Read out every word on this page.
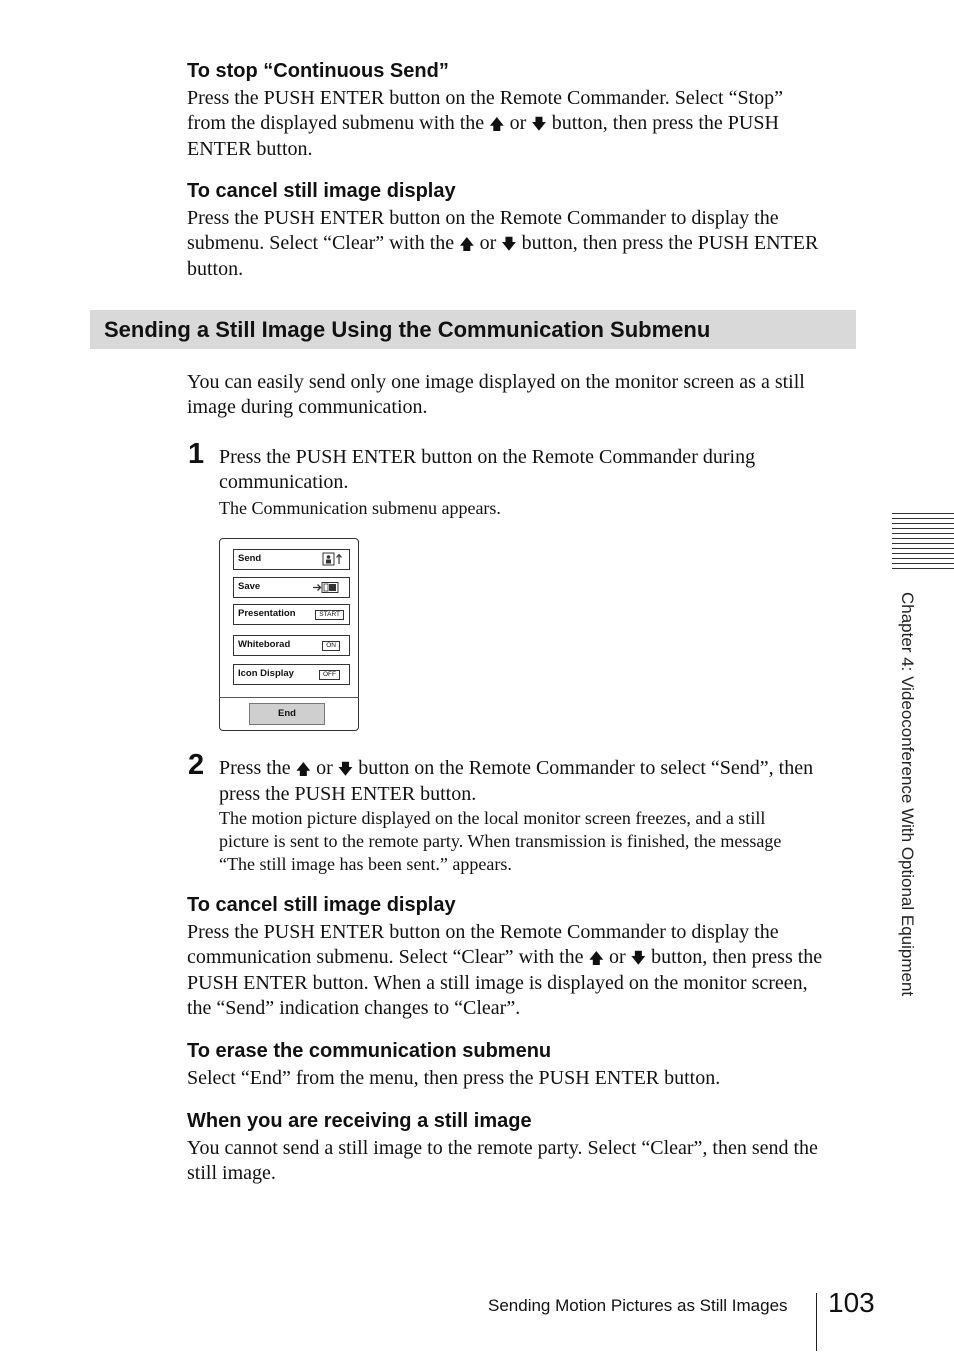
To stop “Continuous Send”
Press the PUSH ENTER button on the Remote Commander. Select “Stop”
from the displayed submenu with the 🡅 or 🡇 button, then press the PUSH
ENTER button.
To cancel still image display
Press the PUSH ENTER button on the Remote Commander to display the
submenu. Select “Clear” with the 🡅 or 🡇 button, then press the PUSH ENTER
button.
Sending a Still Image Using the Communication Submenu
You can easily send only one image displayed on the monitor screen as a still
image during communication.
1 Press the PUSH ENTER button on the Remote Commander during
communication.
The Communication submenu appears.
Send
Save
Presentation	START
Whiteborad	ON
Icon Display	OFF
End
2 Press the 🡅 or 🡇 button on the Remote Commander to select “Send”, then
press the PUSH ENTER button.
The motion picture displayed on the local monitor screen freezes, and a still
picture is sent to the remote party. When transmission is finished, the message
“The still image has been sent.” appears.
To cancel still image display
Press the PUSH ENTER button on the Remote Commander to display the
communication submenu. Select “Clear” with the 🡅 or 🡇 button, then press the
PUSH ENTER button. When a still image is displayed on the monitor screen,
the “Send” indication changes to “Clear”.
To erase the communication submenu
Select “End” from the menu, then press the PUSH ENTER button.
When you are receiving a still image
You cannot send a still image to the remote party. Select “Clear”, then send the
still image.
Chapter 4: Videoconference With Optional Equipment
Sending Motion Pictures as Still Images 103
